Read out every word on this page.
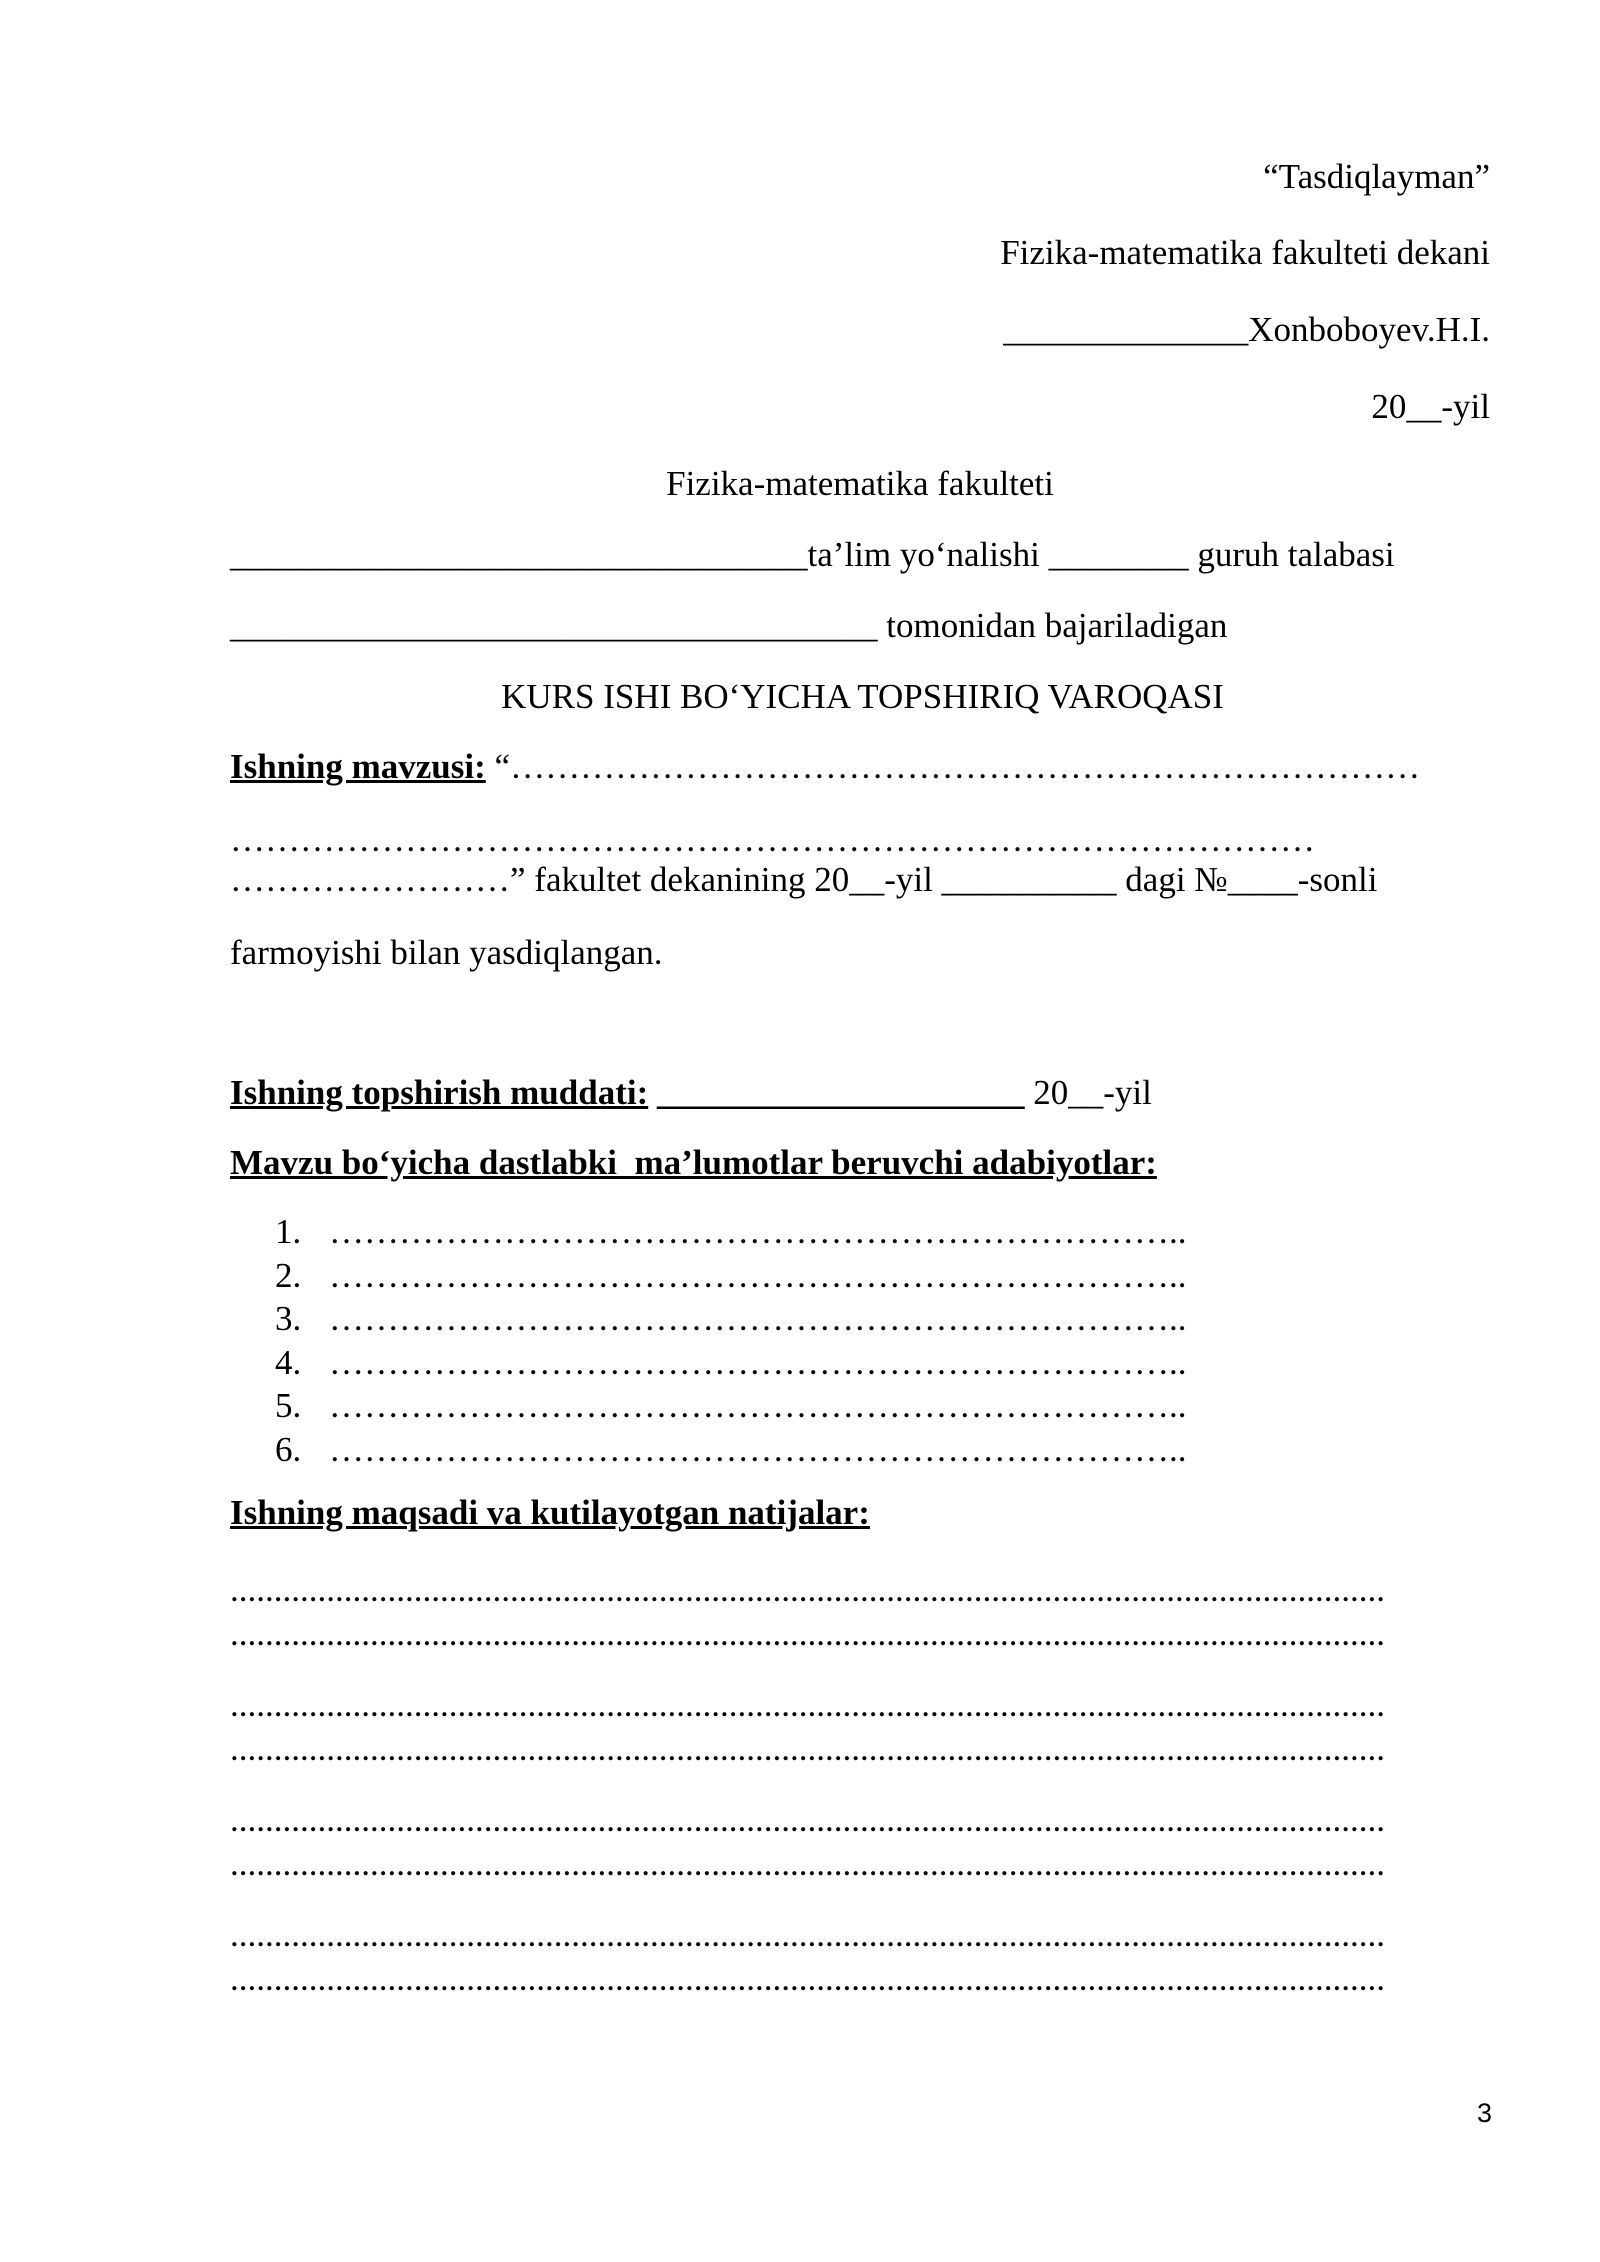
“Tasdiqlayman”
Fizika-matematika fakulteti dekani
______________Xonboboyev.H.I.
20__-yil
Fizika-matematika fakulteti
_________________________________ta’lim yo‘nalishi ________ guruh talabasi
_____________________________________ tomonidan bajariladigan
KURS ISHI BO‘YICHA TOPSHIRIQ VAROQASI
Ishning mavzusi: “……………………………………………………………………
…………………………………………………………………………………
……………………” fakultet dekanining 20__-yil __________ dagi №____-sonli
farmoyishi bilan yasdiqlangan.
Ishning topshirish muddati: _____________________ 20__-yil
Mavzu bo‘yicha dastlabki  ma’lumotlar beruvchi adabiyotlar:
1. ………………………………………………………………..
2. ………………………………………………………………..
3. ………………………………………………………………..
4. ………………………………………………………………..
5. ………………………………………………………………..
6. ………………………………………………………………..
Ishning maqsadi va kutilayotgan natijalar:
....................................................................................................................................
....................................................................................................................................
....................................................................................................................................
....................................................................................................................................
....................................................................................................................................
....................................................................................................................................
....................................................................................................................................
....................................................................................................................................
3
